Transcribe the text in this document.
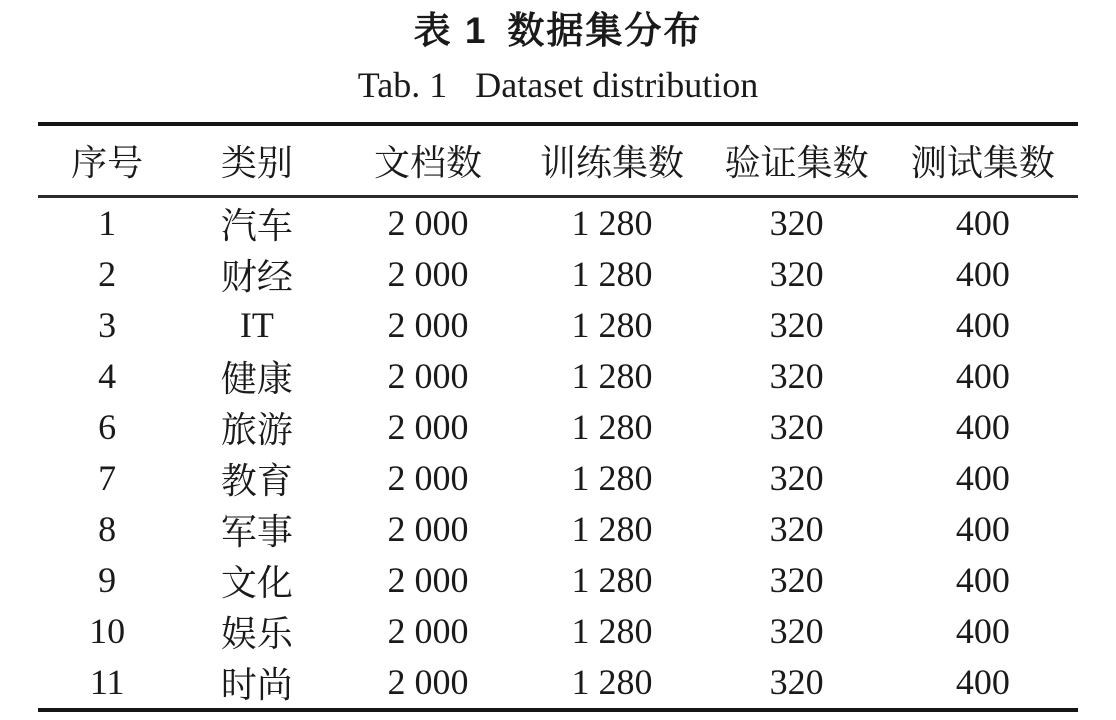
表 1 数据集分布
Tab. 1 Dataset distribution
序号	类别	文档数	训练集数	验证集数	测试集数
1	汽车	2 000	1 280	320	400
2	财经	2 000	1 280	320	400
3	IT	2 000	1 280	320	400
4	健康	2 000	1 280	320	400
6	旅游	2 000	1 280	320	400
7	教育	2 000	1 280	320	400
8	军事	2 000	1 280	320	400
9	文化	2 000	1 280	320	400
10	娱乐	2 000	1 280	320	400
11	时尚	2 000	1 280	320	400
